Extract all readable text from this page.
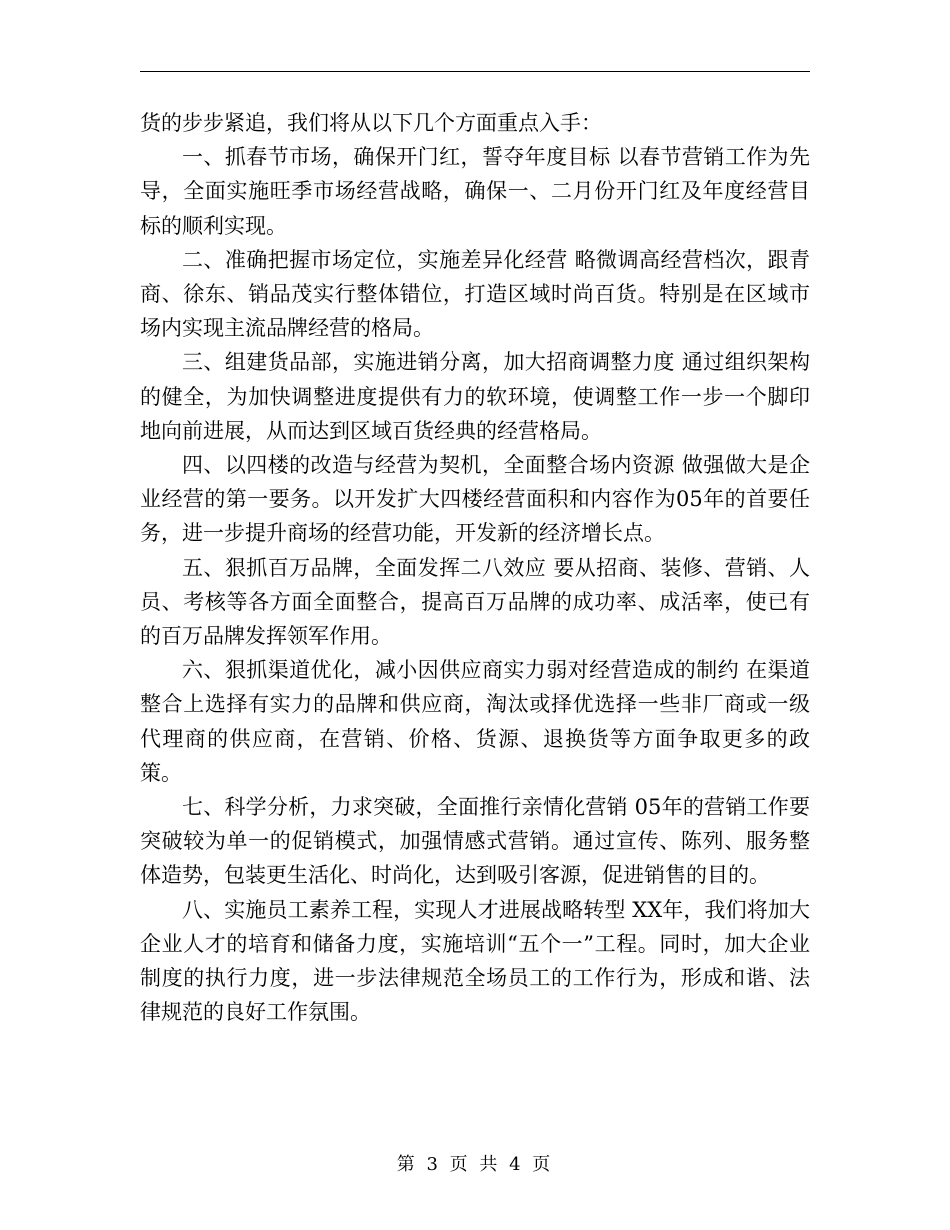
货的步步紧追，我们将从以下几个方面重点入手：

一、抓春节市场，确保开门红，誓夺年度目标 以春节营销工作为先导，全面实施旺季市场经营战略，确保一、二月份开门红及年度经营目标的顺利实现。

二、准确把握市场定位，实施差异化经营 略微调高经营档次，跟青商、徐东、销品茂实行整体错位，打造区域时尚百货。特别是在区域市场内实现主流品牌经营的格局。

三、组建货品部，实施进销分离，加大招商调整力度 通过组织架构的健全，为加快调整进度提供有力的软环境，使调整工作一步一个脚印地向前进展，从而达到区域百货经典的经营格局。

四、以四楼的改造与经营为契机，全面整合场内资源 做强做大是企业经营的第一要务。以开发扩大四楼经营面积和内容作为05年的首要任务，进一步提升商场的经营功能，开发新的经济增长点。

五、狠抓百万品牌，全面发挥二八效应 要从招商、装修、营销、人员、考核等各方面全面整合，提高百万品牌的成功率、成活率，使已有的百万品牌发挥领军作用。

六、狠抓渠道优化，减小因供应商实力弱对经营造成的制约 在渠道整合上选择有实力的品牌和供应商，淘汰或择优选择一些非厂商或一级代理商的供应商，在营销、价格、货源、退换货等方面争取更多的政策。

七、科学分析，力求突破，全面推行亲情化营销 05年的营销工作要突破较为单一的促销模式，加强情感式营销。通过宣传、陈列、服务整体造势，包装更生活化、时尚化，达到吸引客源，促进销售的目的。

八、实施员工素养工程，实现人才进展战略转型 XX年，我们将加大企业人才的培育和储备力度，实施培训“五个一”工程。同时，加大企业制度的执行力度，进一步法律规范全场员工的工作行为，形成和谐、法律规范的良好工作氛围。

第 3 页 共 4 页
